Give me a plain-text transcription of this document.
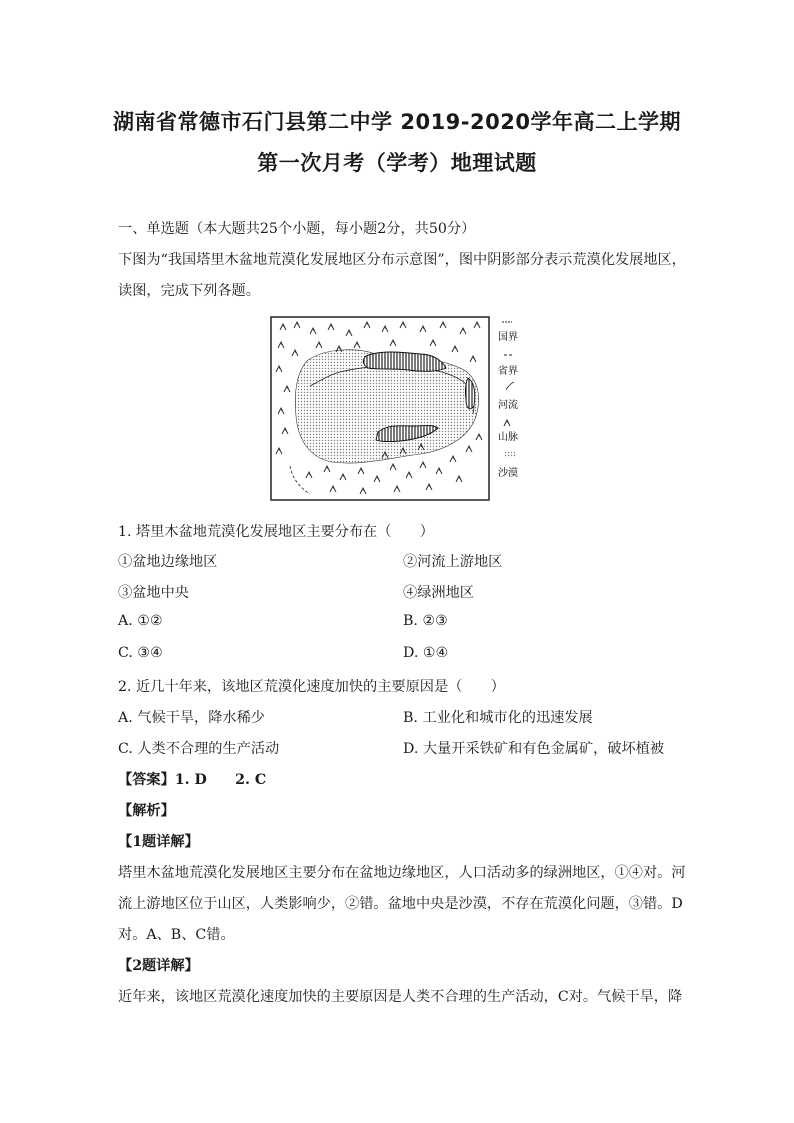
湖南省常德市石门县第二中学 2019-2020学年高二上学期
第一次月考（学考）地理试题
一、单选题（本大题共25个小题，每小题2分，共50分）
下图为“我国塔里木盆地荒漠化发展地区分布示意图”，图中阴影部分表示荒漠化发展地区，
读图，完成下列各题。
国界
省界
河流
山脉
沙漠
1. 塔里木盆地荒漠化发展地区主要分布在（　　）
①盆地边缘地区	②河流上游地区
③盆地中央	④绿洲地区
A. ①②	B. ②③
C. ③④	D. ①④
2. 近几十年来，该地区荒漠化速度加快的主要原因是（　　）
A. 气候干旱，降水稀少	B. 工业化和城市化的迅速发展
C. 人类不合理的生产活动	D. 大量开采铁矿和有色金属矿，破坏植被
【答案】1. D　　2. C
【解析】
【1题详解】
塔里木盆地荒漠化发展地区主要分布在盆地边缘地区，人口活动多的绿洲地区，①④对。河
流上游地区位于山区，人类影响少，②错。盆地中央是沙漠，不存在荒漠化问题，③错。D
对。A、B、C错。
【2题详解】
近年来，该地区荒漠化速度加快的主要原因是人类不合理的生产活动，C对。气候干旱，降
